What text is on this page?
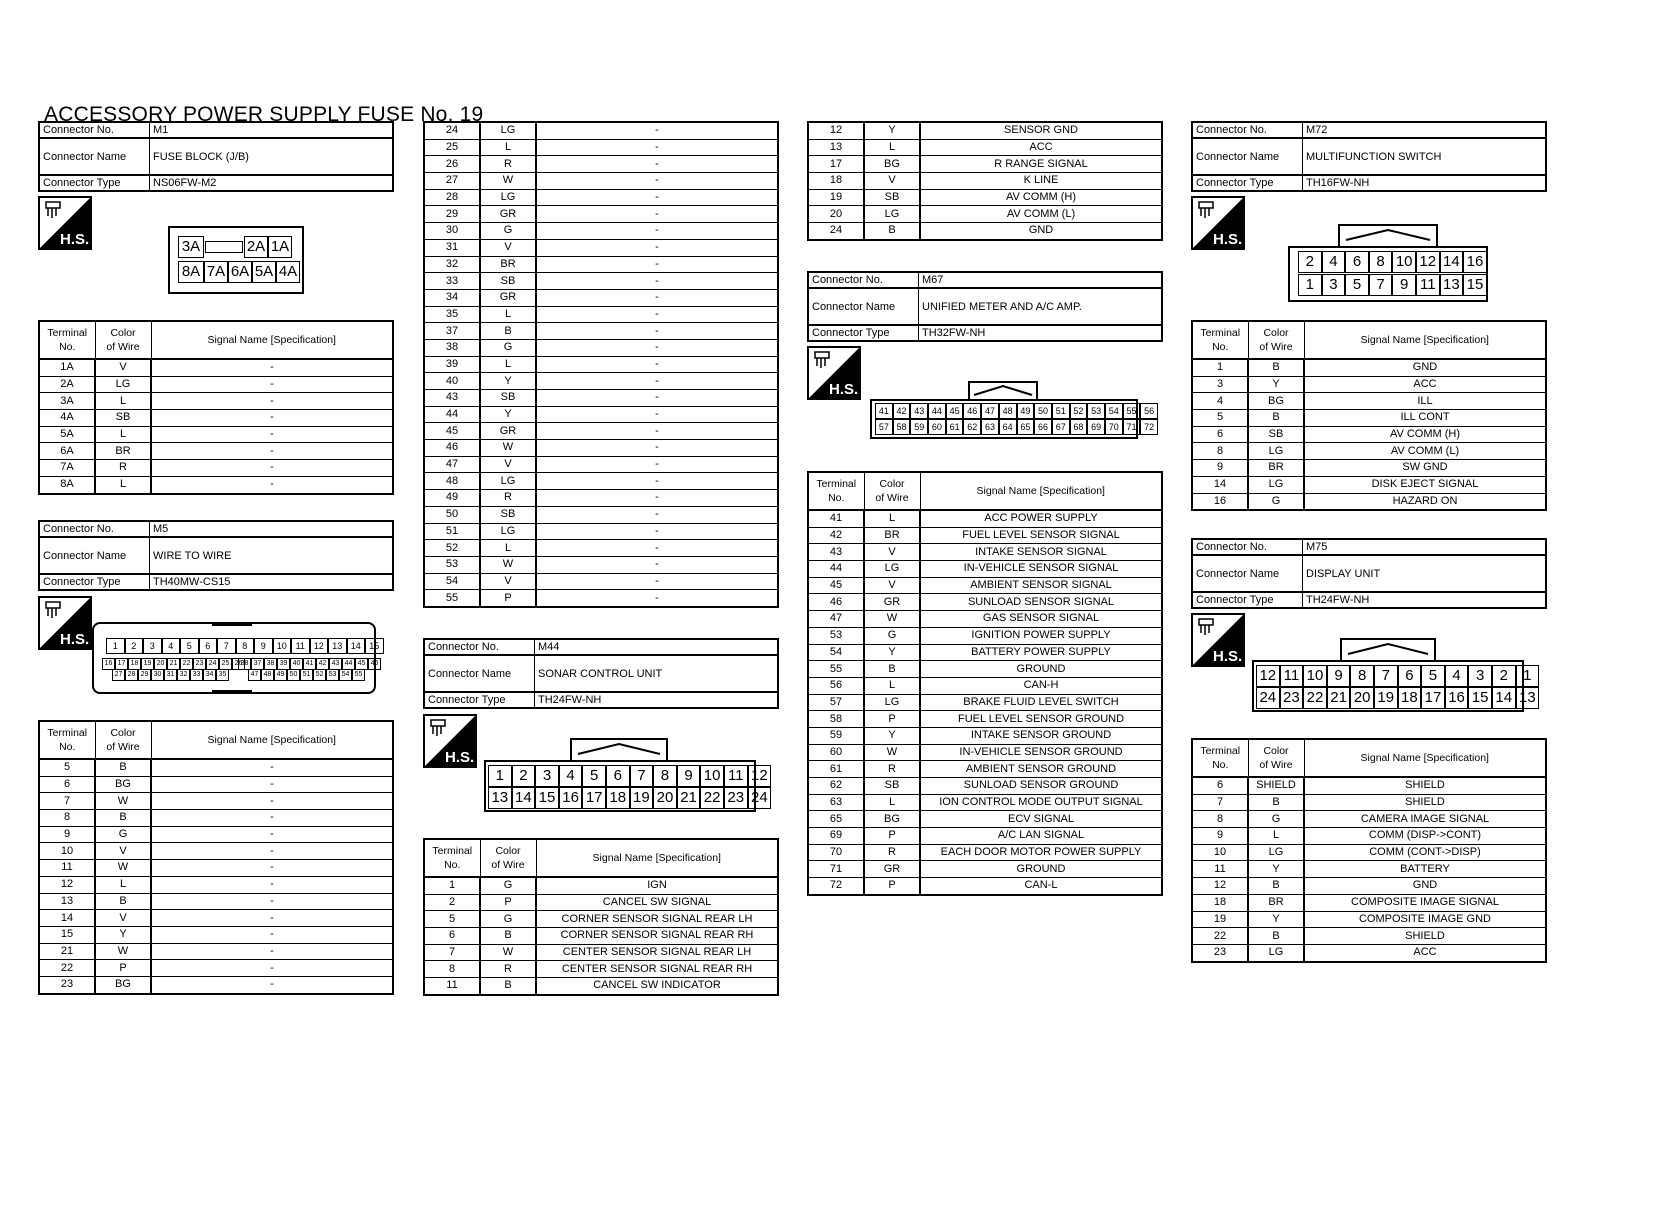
ACCESSORY POWER SUPPLY FUSE No. 19
Connector No.	M1
Connector Name	FUSE BLOCK (J/B)
Connector Type	NS06FW-M2
H.S.	3A	2A 1A
8A 7A 6A 5A 4A
Terminal
No.	Color
of Wire	Signal Name [Specification]
1A	V	-
2A	LG	-
3A	L	-
4A	SB	-
5A	L	-
6A	BR	-
7A	R	-
8A	L	-
Connector No.	M5
Connector Name	WIRE TO WIRE
Connector Type	TH40MW-CS15
H.S.	1	2	3	4	5	6	7	8	9	10 11 12 13 14 15
16 17 18 19 20 21 22 23 24 25 26
38 37 38 39 40 41 42 43 44 45 46
27 28 29 30 31 32 33 34 35	47 48 49 50 51 52 53 54 55
Terminal
No.	Color
of Wire	Signal Name [Specification]
5	B	-
6	BG	-
7	W	-
8	B	-
9	G	-
10	V	-
11	W	-
12	L	-
13	B	-
14	V	-
15	Y	-
21	W	-
22	P	-
23	BG	-
24	LG	-
25	L	-
26	R	-
27	W	-
28	LG	-
29	GR	-
30	G	-
31	V	-
32	BR	-
33	SB	-
34	GR	-
35	L	-
37	B	-
38	G	-
39	L	-
40	Y	-
43	SB	-
44	Y	-
45	GR	-
46	W	-
47	V	-
48	LG	-
49	R	-
50	SB	-
51	LG	-
52	L	-
53	W	-
54	V	-
55	P	-
Connector No.	M44
Connector Name	SONAR CONTROL UNIT
Connector Type	TH24FW-NH
H.S.
1	2	3	4	5	6	7	8	9 10 11 12
13 14 15 16 17 18 19 20 21 22 23 24
Terminal
No.	Color
of Wire	Signal Name [Specification]
1	G	IGN
2	P	CANCEL SW SIGNAL
5	G	CORNER SENSOR SIGNAL REAR LH
6	B	CORNER SENSOR SIGNAL REAR RH
7	W	CENTER SENSOR SIGNAL REAR LH
8	R	CENTER SENSOR SIGNAL REAR RH
11	B	CANCEL SW INDICATOR
12	Y	SENSOR GND
13	L	ACC
17	BG	R RANGE SIGNAL
18	V	K LINE
19	SB	AV COMM (H)
20	LG	AV COMM (L)
24	B	GND
Connector No.	M67
Connector Name	UNIFIED METER AND A/C AMP.
Connector Type	TH32FW-NH
H.S.
41 42 43 44 45 46 47 48 49 50 51 52 53 54 55 56
57 58 59 60 61 62 63 64 65 66 67 68 69 70 71 72
Terminal
No.	Color
of Wire	Signal Name [Specification]
41	L	ACC POWER SUPPLY
42	BR	FUEL LEVEL SENSOR SIGNAL
43	V	INTAKE SENSOR SIGNAL
44	LG	IN-VEHICLE SENSOR SIGNAL
45	V	AMBIENT SENSOR SIGNAL
46	GR	SUNLOAD SENSOR SIGNAL
47	W	GAS SENSOR SIGNAL
53	G	IGNITION POWER SUPPLY
54	Y	BATTERY POWER SUPPLY
55	B	GROUND
56	L	CAN-H
57	LG	BRAKE FLUID LEVEL SWITCH
58	P	FUEL LEVEL SENSOR GROUND
59	Y	INTAKE SENSOR GROUND
60	W	IN-VEHICLE SENSOR GROUND
61	R	AMBIENT SENSOR GROUND
62	SB	SUNLOAD SENSOR GROUND
63	L	ION CONTROL MODE OUTPUT SIGNAL
65	BG	ECV SIGNAL
69	P	A/C LAN SIGNAL
70	R	EACH DOOR MOTOR POWER SUPPLY
71	GR	GROUND
72	P	CAN-L
Connector No.	M72
Connector Name	MULTIFUNCTION SWITCH
Connector Type	TH16FW-NH
H.S.
2	4	6	8 10 12 14 16
1	3	5	7	9 11 13 15
Terminal
No.	Color
of Wire	Signal Name [Specification]
1	B	GND
3	Y	ACC
4	BG	ILL
5	B	ILL CONT
6	SB	AV COMM (H)
8	LG	AV COMM (L)
9	BR	SW GND
14	LG	DISK EJECT SIGNAL
16	G	HAZARD ON
Connector No.	M75
Connector Name	DISPLAY UNIT
Connector Type	TH24FW-NH
H.S.
12 11 10 9	8	7	6	5	4	3	2	1
24 23 22 21 20 19 18 17 16 15 14 13
Terminal
No.	Color
of Wire	Signal Name [Specification]
6	SHIELD	SHIELD
7	B	SHIELD
8	G	CAMERA IMAGE SIGNAL
9	L	COMM (DISP->CONT)
10	LG	COMM (CONT->DISP)
11	Y	BATTERY
12	B	GND
18	BR	COMPOSITE IMAGE SIGNAL
19	Y	COMPOSITE IMAGE GND
22	B	SHIELD
23	LG	ACC
